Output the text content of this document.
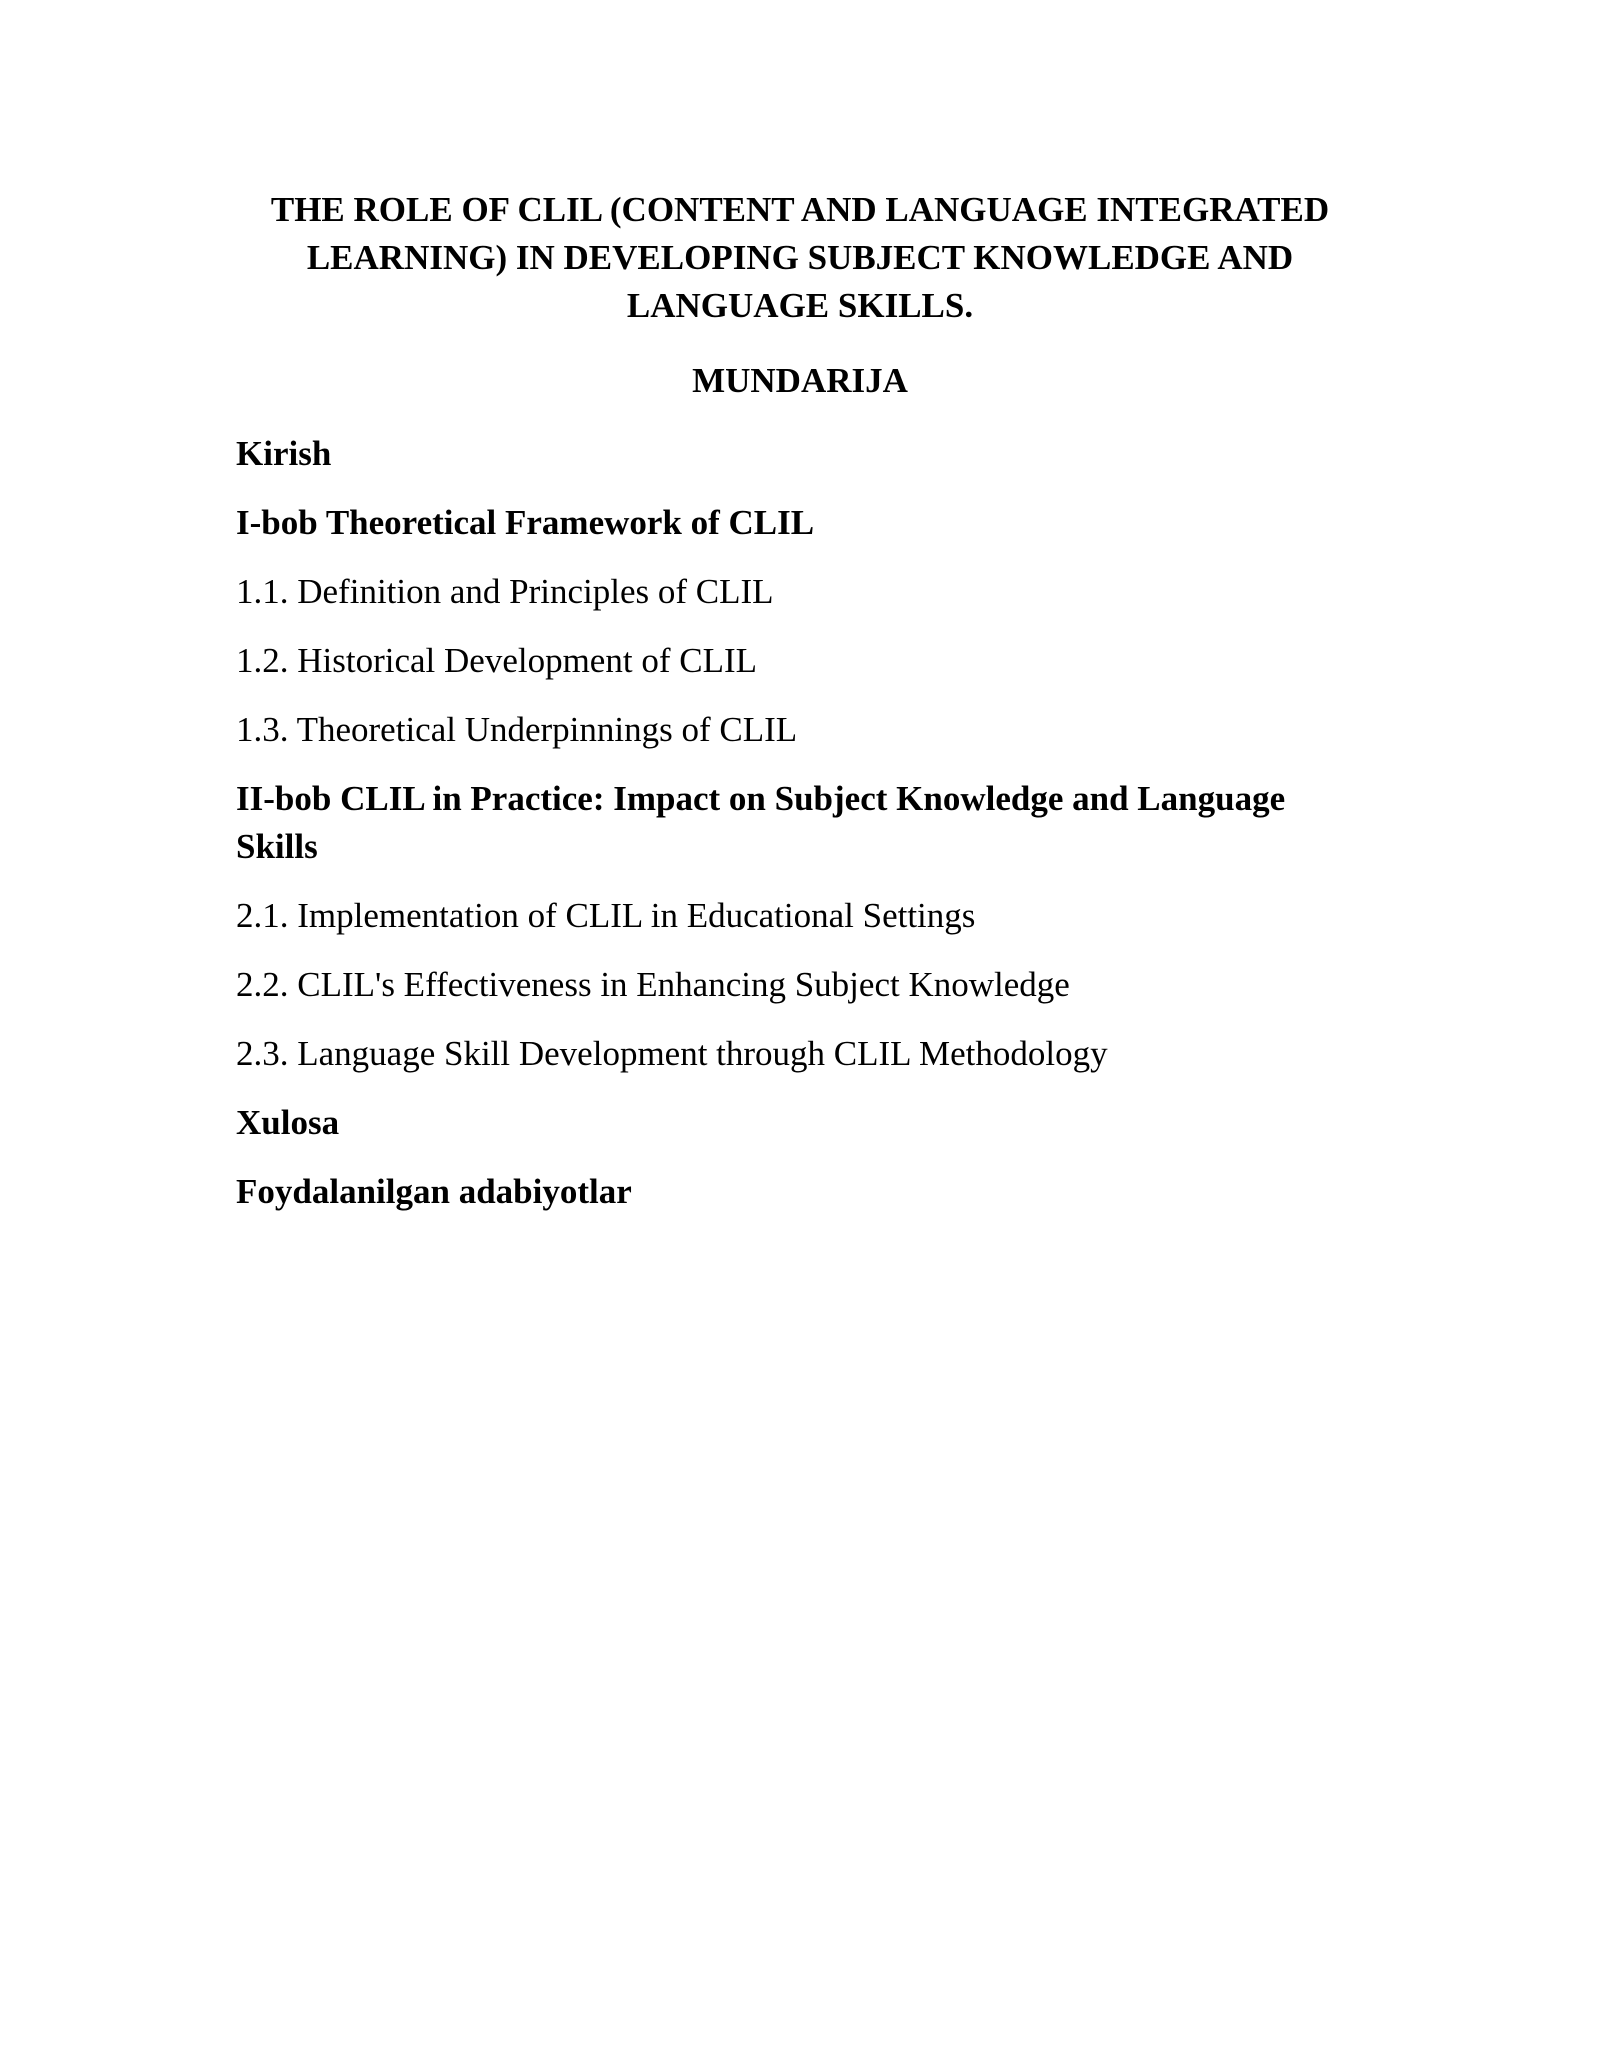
THE ROLE OF CLIL (CONTENT AND LANGUAGE INTEGRATED LEARNING) IN DEVELOPING SUBJECT KNOWLEDGE AND LANGUAGE SKILLS.
MUNDARIJA

Kirish

I-bob Theoretical Framework of CLIL

1.1. Definition and Principles of CLIL

1.2. Historical Development of CLIL

1.3. Theoretical Underpinnings of CLIL

II-bob CLIL in Practice: Impact on Subject Knowledge and Language Skills

2.1. Implementation of CLIL in Educational Settings

2.2. CLIL's Effectiveness in Enhancing Subject Knowledge

2.3. Language Skill Development through CLIL Methodology

Xulosa

Foydalanilgan adabiyotlar
